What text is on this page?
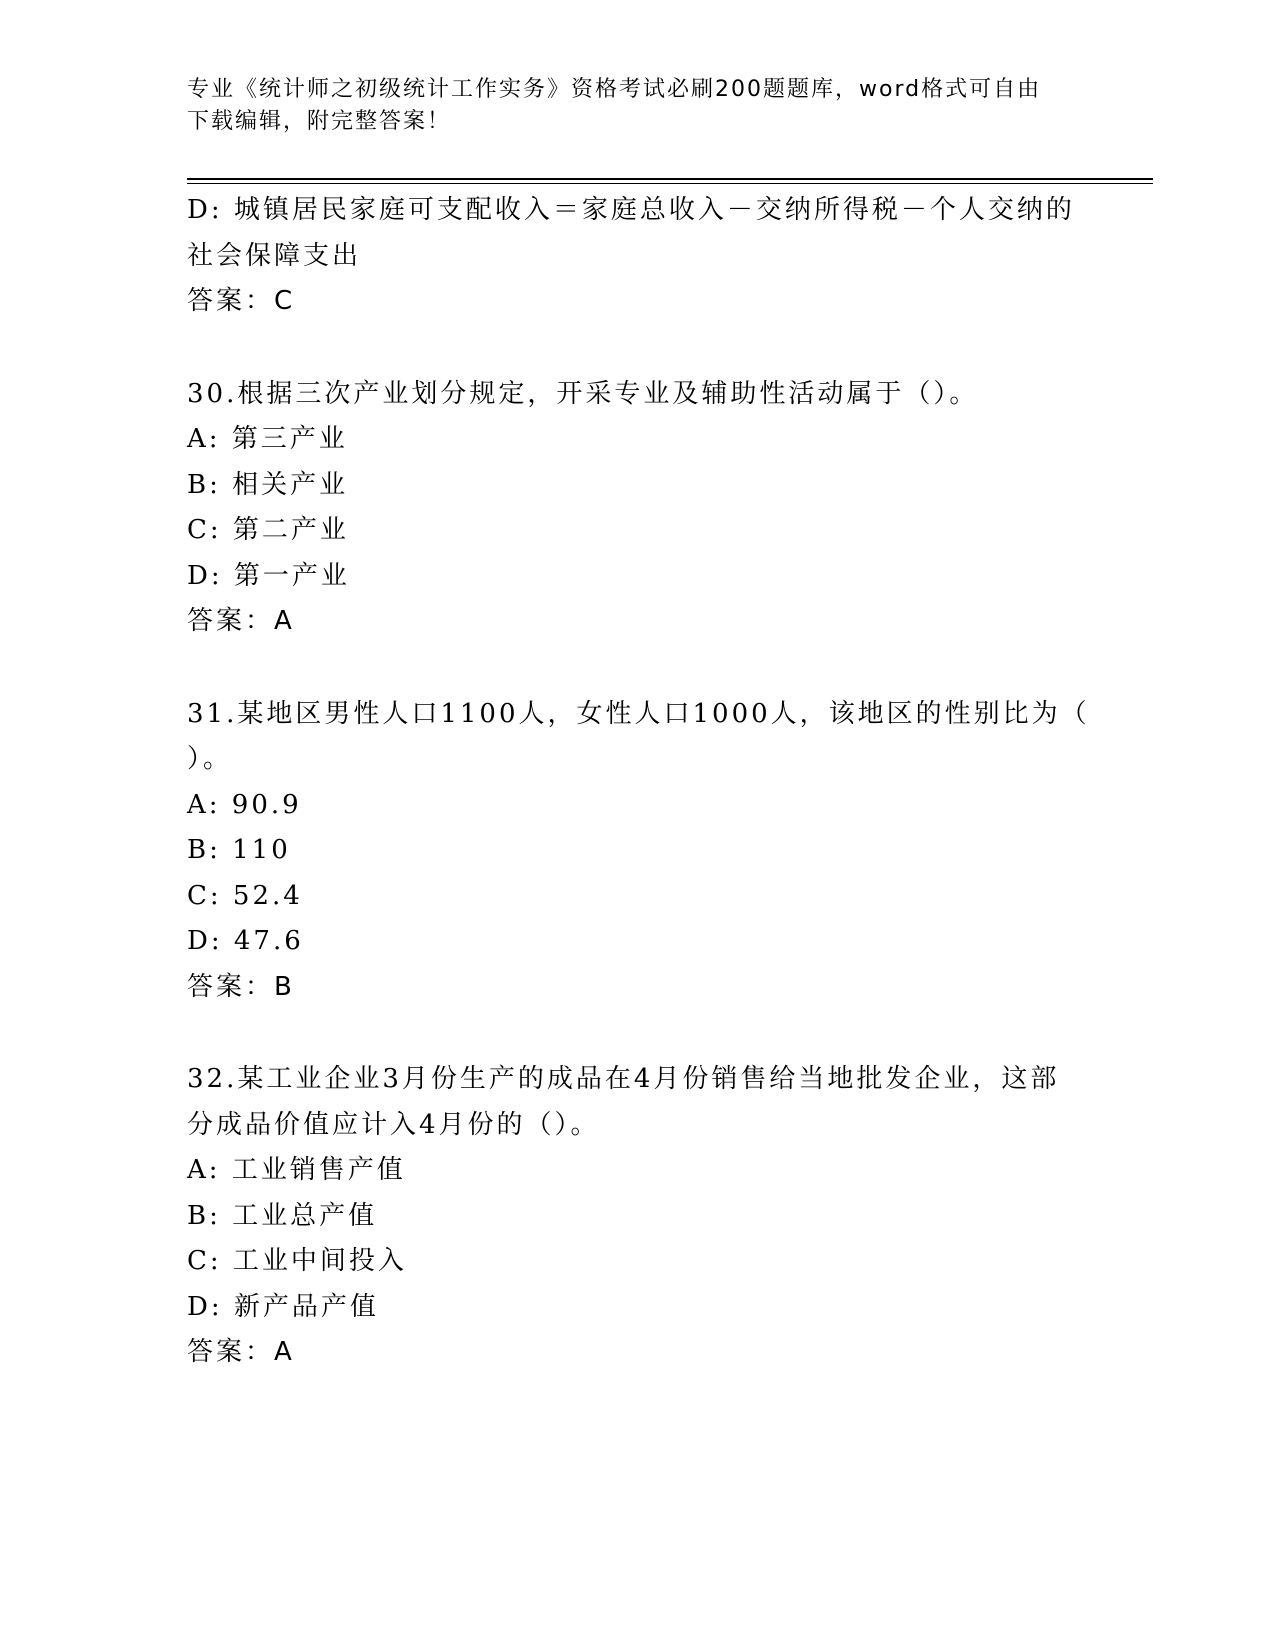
专业《统计师之初级统计工作实务》资格考试必刷200题题库，word格式可自由
下载编辑，附完整答案！
D: 城镇居民家庭可支配收入＝家庭总收入－交纳所得税－个人交纳的
社会保障支出
答案：C
30.根据三次产业划分规定，开采专业及辅助性活动属于（）。
A: 第三产业
B: 相关产业
C: 第二产业
D: 第一产业
答案：A
31.某地区男性人口1100人，女性人口1000人，该地区的性别比为（
）。
A: 90.9
B: 110
C: 52.4
D: 47.6
答案：B
32.某工业企业3月份生产的成品在4月份销售给当地批发企业，这部
分成品价值应计入4月份的（）。
A: 工业销售产值
B: 工业总产值
C: 工业中间投入
D: 新产品产值
答案：A
